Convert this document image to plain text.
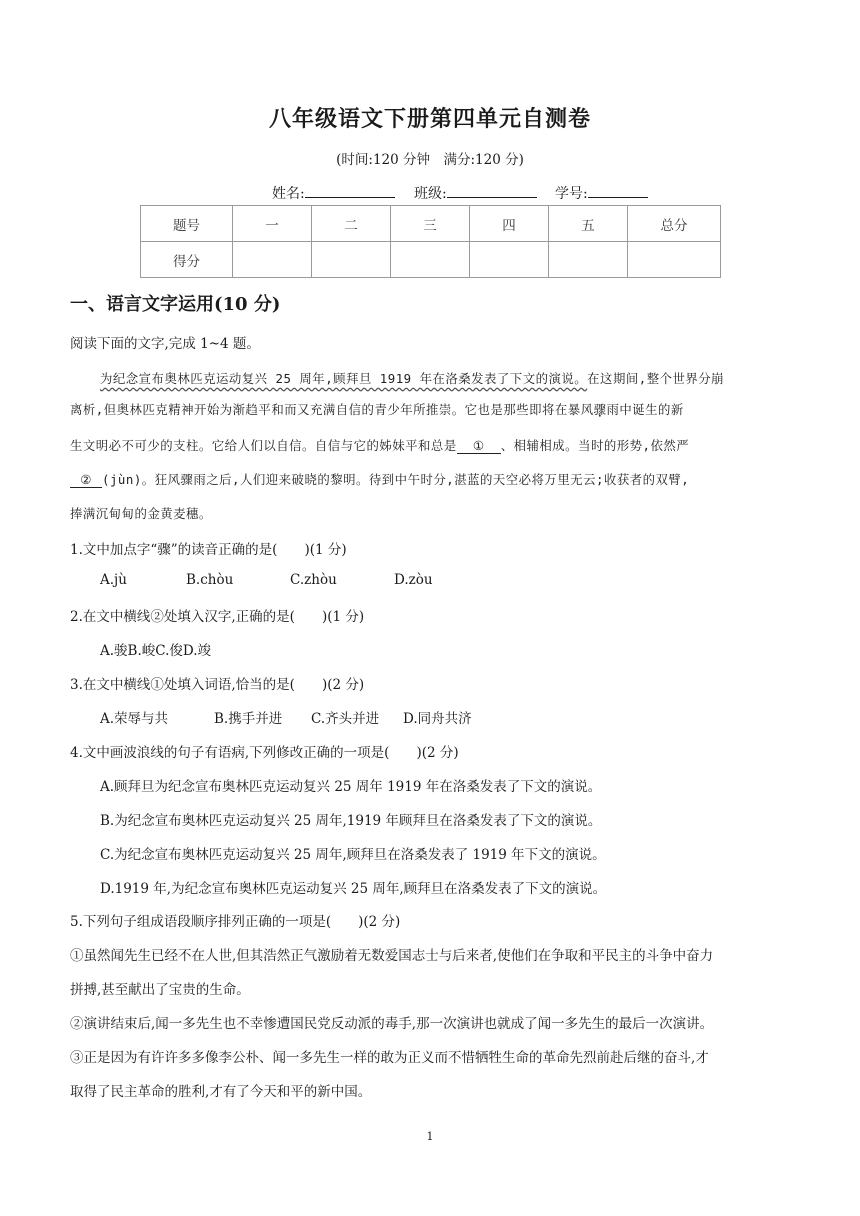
八年级语文下册第四单元自测卷
(时间:120 分钟　满分:120 分)
姓名:	班级:	学号:
题号	一	二	三	四	五	总分
得分						
一、语言文字运用(10 分)
阅读下面的文字,完成 1~4 题。
为纪念宣布奥林匹克运动复兴 25 周年,顾拜旦 1919 年在洛桑发表了下文的演说。在这期间,整个世界分崩
离析,但奥林匹克精神开始为渐趋平和而又充满自信的青少年所推崇。它也是那些即将在暴风骤雨中诞生的新
生文明必不可少的支柱。它给人们以自信。自信与它的姊妹平和总是 ① 、相辅相成。当时的形势,依然严
② (jùn)。狂风骤雨之后,人们迎来破晓的黎明。待到中午时分,湛蓝的天空必将万里无云;收获者的双臂,
捧满沉甸甸的金黄麦穗。
1.文中加点字“骤”的读音正确的是(　　)(1 分)
A.jù	B.chòu	C.zhòu	D.zòu
2.在文中横线②处填入汉字,正确的是(　　)(1 分)
A.骏B.峻C.俊D.竣
3.在文中横线①处填入词语,恰当的是(　　)(2 分)
A.荣辱与共	B.携手并进 C.齐头并进 D.同舟共济
4.文中画波浪线的句子有语病,下列修改正确的一项是(　　)(2 分)
A.顾拜旦为纪念宣布奥林匹克运动复兴 25 周年 1919 年在洛桑发表了下文的演说。
B.为纪念宣布奥林匹克运动复兴 25 周年,1919 年顾拜旦在洛桑发表了下文的演说。
C.为纪念宣布奥林匹克运动复兴 25 周年,顾拜旦在洛桑发表了 1919 年下文的演说。
D.1919 年,为纪念宣布奥林匹克运动复兴 25 周年,顾拜旦在洛桑发表了下文的演说。
5.下列句子组成语段顺序排列正确的一项是(　　)(2 分)
①虽然闻先生已经不在人世,但其浩然正气激励着无数爱国志士与后来者,使他们在争取和平民主的斗争中奋力
拼搏,甚至献出了宝贵的生命。
②演讲结束后,闻一多先生也不幸惨遭国民党反动派的毒手,那一次演讲也就成了闻一多先生的最后一次演讲。
③正是因为有许许多多像李公朴、闻一多先生一样的敢为正义而不惜牺牲生命的革命先烈前赴后继的奋斗,才
取得了民主革命的胜利,才有了今天和平的新中国。
1
